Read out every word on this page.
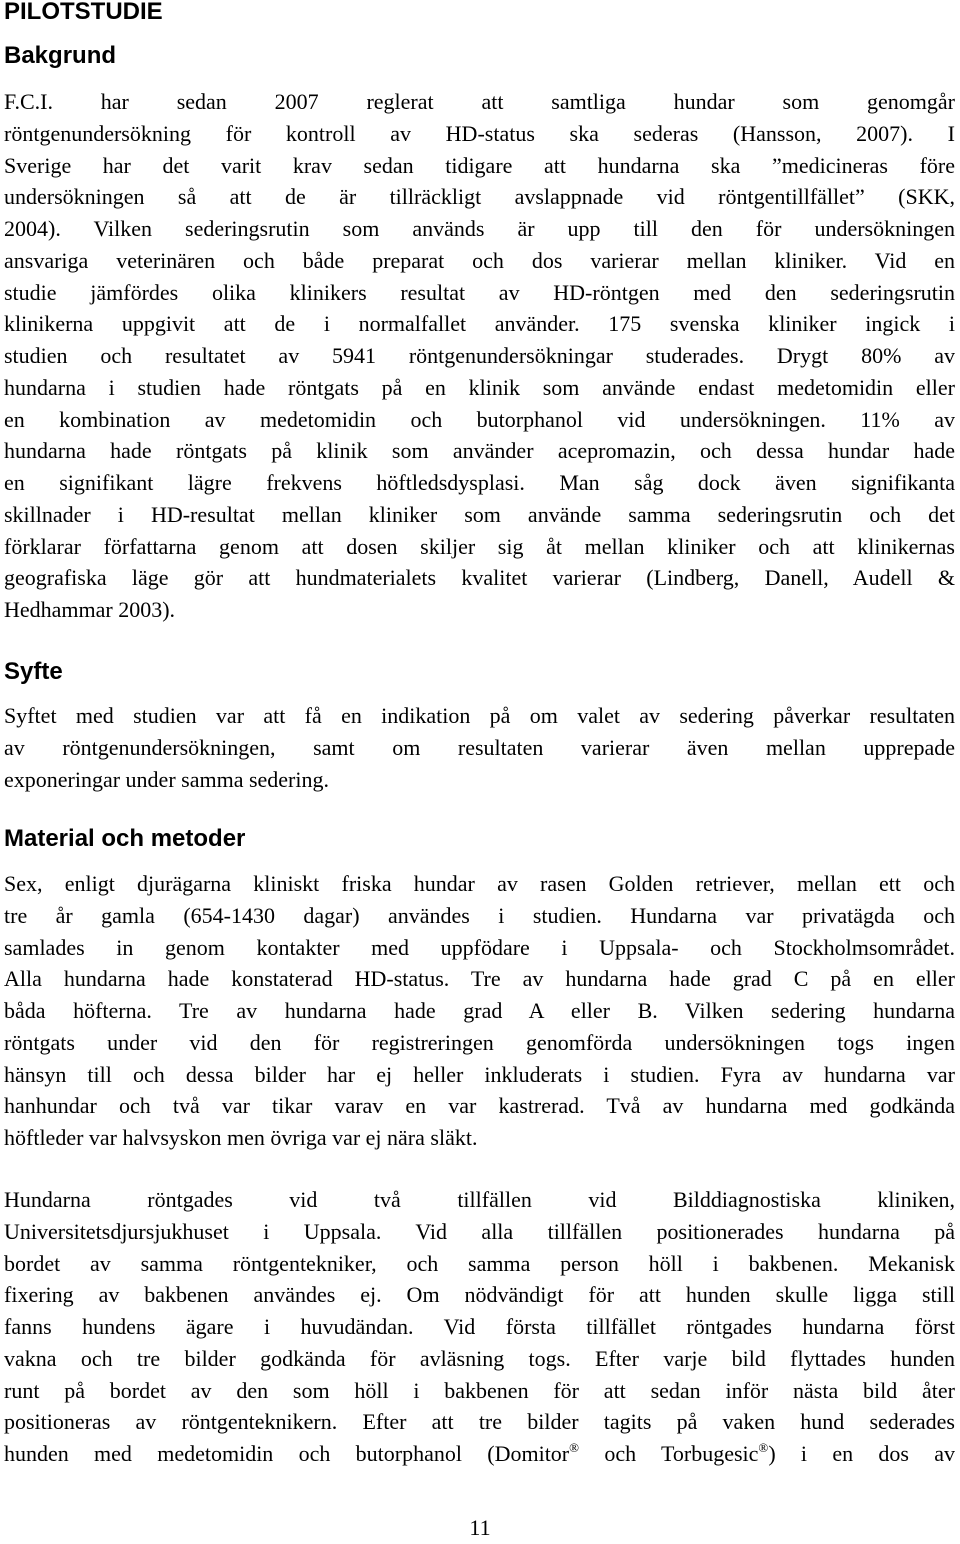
PILOTSTUDIE
Bakgrund
F.C.I. har sedan 2007 reglerat att samtliga hundar som genomgår
röntgenundersökning för kontroll av HD-status ska sederas (Hansson, 2007). I
Sverige har det varit krav sedan tidigare att hundarna ska ”medicineras före
undersökningen så att de är tillräckligt avslappnade vid röntgentillfället” (SKK,
2004). Vilken sederingsrutin som används är upp till den för undersökningen
ansvariga veterinären och både preparat och dos varierar mellan kliniker. Vid en
studie jämfördes olika klinikers resultat av HD-röntgen med den sederingsrutin
klinikerna uppgivit att de i normalfallet använder. 175 svenska kliniker ingick i
studien och resultatet av 5941 röntgenundersökningar studerades. Drygt 80% av
hundarna i studien hade röntgats på en klinik som använde endast medetomidin eller
en kombination av medetomidin och butorphanol vid undersökningen. 11% av
hundarna hade röntgats på klinik som använder acepromazin, och dessa hundar hade
en signifikant lägre frekvens höftledsdysplasi. Man såg dock även signifikanta
skillnader i HD-resultat mellan kliniker som använde samma sederingsrutin och det
förklarar författarna genom att dosen skiljer sig åt mellan kliniker och att klinikernas
geografiska läge gör att hundmaterialets kvalitet varierar (Lindberg, Danell, Audell &
Hedhammar 2003).
Syfte
Syftet med studien var att få en indikation på om valet av sedering påverkar resultaten
av röntgenundersökningen, samt om resultaten varierar även mellan upprepade
exponeringar under samma sedering.
Material och metoder
Sex, enligt djurägarna kliniskt friska hundar av rasen Golden retriever, mellan ett och
tre år gamla (654-1430 dagar) användes i studien. Hundarna var privatägda och
samlades in genom kontakter med uppfödare i Uppsala- och Stockholmsområdet.
Alla hundarna hade konstaterad HD-status. Tre av hundarna hade grad C på en eller
båda höfterna. Tre av hundarna hade grad A eller B. Vilken sedering hundarna
röntgats under vid den för registreringen genomförda undersökningen togs ingen
hänsyn till och dessa bilder har ej heller inkluderats i studien. Fyra av hundarna var
hanhundar och två var tikar varav en var kastrerad. Två av hundarna med godkända
höftleder var halvsyskon men övriga var ej nära släkt.
Hundarna röntgades vid två tillfällen vid Bilddiagnostiska kliniken,
Universitetsdjursjukhuset i Uppsala. Vid alla tillfällen positionerades hundarna på
bordet av samma röntgentekniker, och samma person höll i bakbenen. Mekanisk
fixering av bakbenen användes ej. Om nödvändigt för att hunden skulle ligga still
fanns hundens ägare i huvudändan. Vid första tillfället röntgades hundarna först
vakna och tre bilder godkända för avläsning togs. Efter varje bild flyttades hunden
runt på bordet av den som höll i bakbenen för att sedan inför nästa bild åter
positioneras av röntgenteknikern. Efter att tre bilder tagits på vaken hund sederades
hunden med medetomidin och butorphanol (Domitor® och Torbugesic®) i en dos av
11
